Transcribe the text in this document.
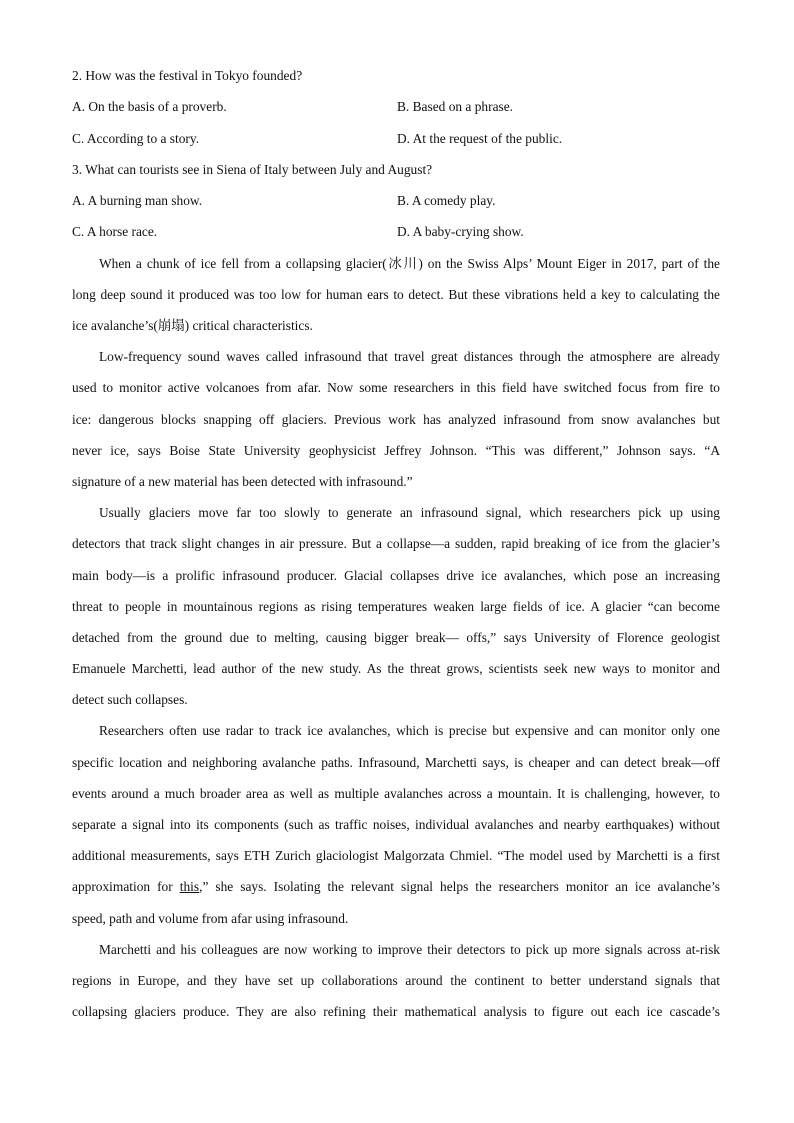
2. How was the festival in Tokyo founded?
A. On the basis of a proverb.	B. Based on a phrase.
C. According to a story.	D. At the request of the public.
3. What can tourists see in Siena of Italy between July and August?
A. A burning man show.	B. A comedy play.
C. A horse race.	D. A baby-crying show.
When a chunk of ice fell from a collapsing glacier(冰川) on the Swiss Alps’ Mount Eiger in 2017, part of the
long deep sound it produced was too low for human ears to detect. But these vibrations held a key to calculating the
ice avalanche’s(崩塌) critical characteristics.
Low-frequency sound waves called infrasound that travel great distances through the atmosphere are already
used to monitor active volcanoes from afar. Now some researchers in this field have switched focus from fire to
ice: dangerous blocks snapping off glaciers. Previous work has analyzed infrasound from snow avalanches but
never ice, says Boise State University geophysicist Jeffrey Johnson. “This was different,” Johnson says. “A
signature of a new material has been detected with infrasound.”
Usually glaciers move far too slowly to generate an infrasound signal, which researchers pick up using
detectors that track slight changes in air pressure. But a collapse—a sudden, rapid breaking of ice from the glacier’s
main body—is a prolific infrasound producer. Glacial collapses drive ice avalanches, which pose an increasing
threat to people in mountainous regions as rising temperatures weaken large fields of ice. A glacier “can become
detached from the ground due to melting, causing bigger break— offs,” says University of Florence geologist
Emanuele Marchetti, lead author of the new study. As the threat grows, scientists seek new ways to monitor and
detect such collapses.
Researchers often use radar to track ice avalanches, which is precise but expensive and can monitor only one
specific location and neighboring avalanche paths. Infrasound, Marchetti says, is cheaper and can detect break—off
events around a much broader area as well as multiple avalanches across a mountain. It is challenging, however, to
separate a signal into its components (such as traffic noises, individual avalanches and nearby earthquakes) without
additional measurements, says ETH Zurich glaciologist Malgorzata Chmiel. “The model used by Marchetti is a first
approximation for this,” she says. Isolating the relevant signal helps the researchers monitor an ice avalanche’s
speed, path and volume from afar using infrasound.
Marchetti and his colleagues are now working to improve their detectors to pick up more signals across at-risk
regions in Europe, and they have set up collaborations around the continent to better understand signals that
collapsing glaciers produce. They are also refining their mathematical analysis to figure out each ice cascade’s
